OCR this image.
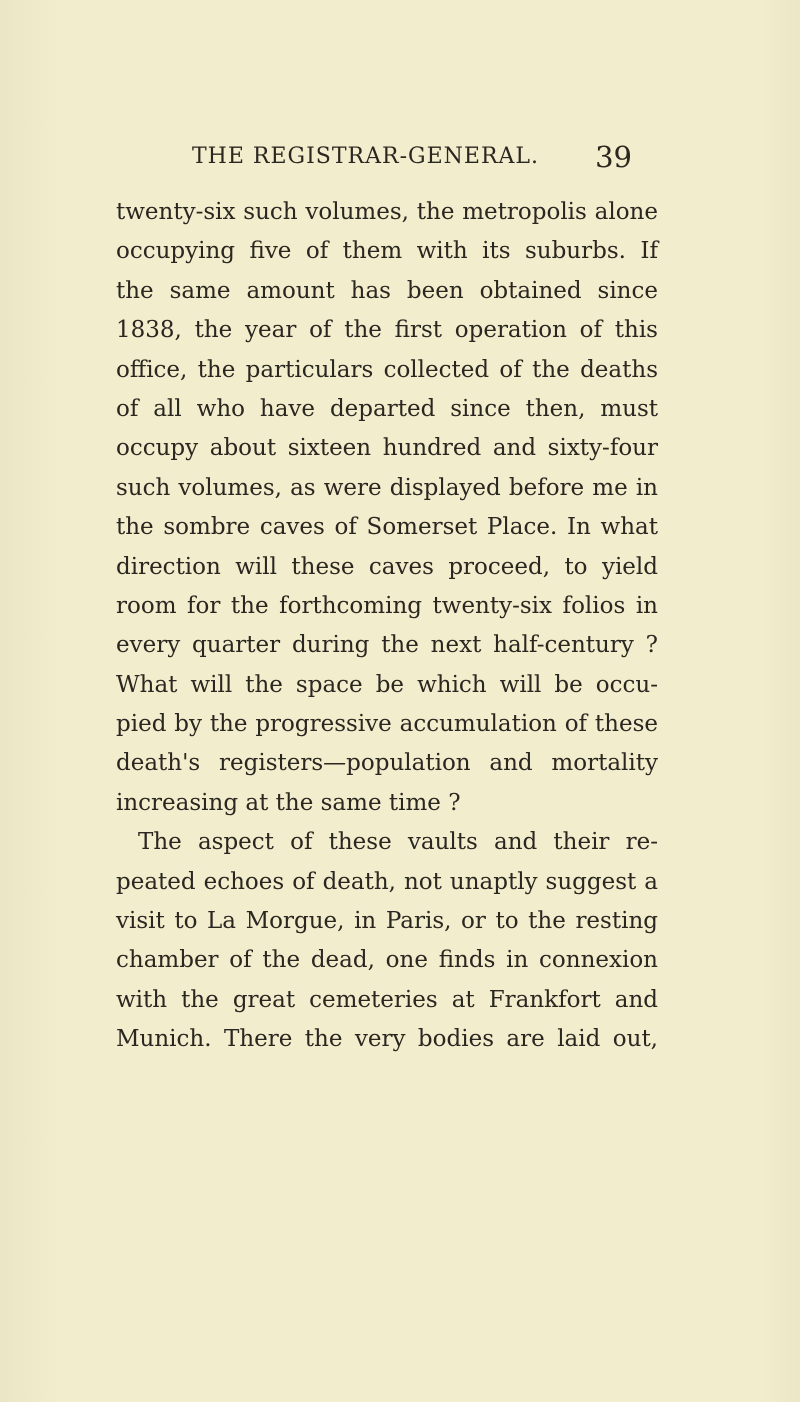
THE REGISTRAR-GENERAL. 39
twenty-six such volumes, the metropolis alone
occupying five of them with its suburbs. If
the same amount has been obtained since
1838, the year of the first operation of this
office, the particulars collected of the deaths
of all who have departed since then, must
occupy about sixteen hundred and sixty-four
such volumes, as were displayed before me in
the sombre caves of Somerset Place. In what
direction will these caves proceed, to yield
room for the forthcoming twenty-six folios in
every quarter during the next half-century ?
What will the space be which will be occu-
pied by the progressive accumulation of these
death's registers—population and mortality
increasing at the same time ?
The aspect of these vaults and their re-
peated echoes of death, not unaptly suggest a
visit to La Morgue, in Paris, or to the resting
chamber of the dead, one finds in connexion
with the great cemeteries at Frankfort and
Munich. There the very bodies are laid out,
